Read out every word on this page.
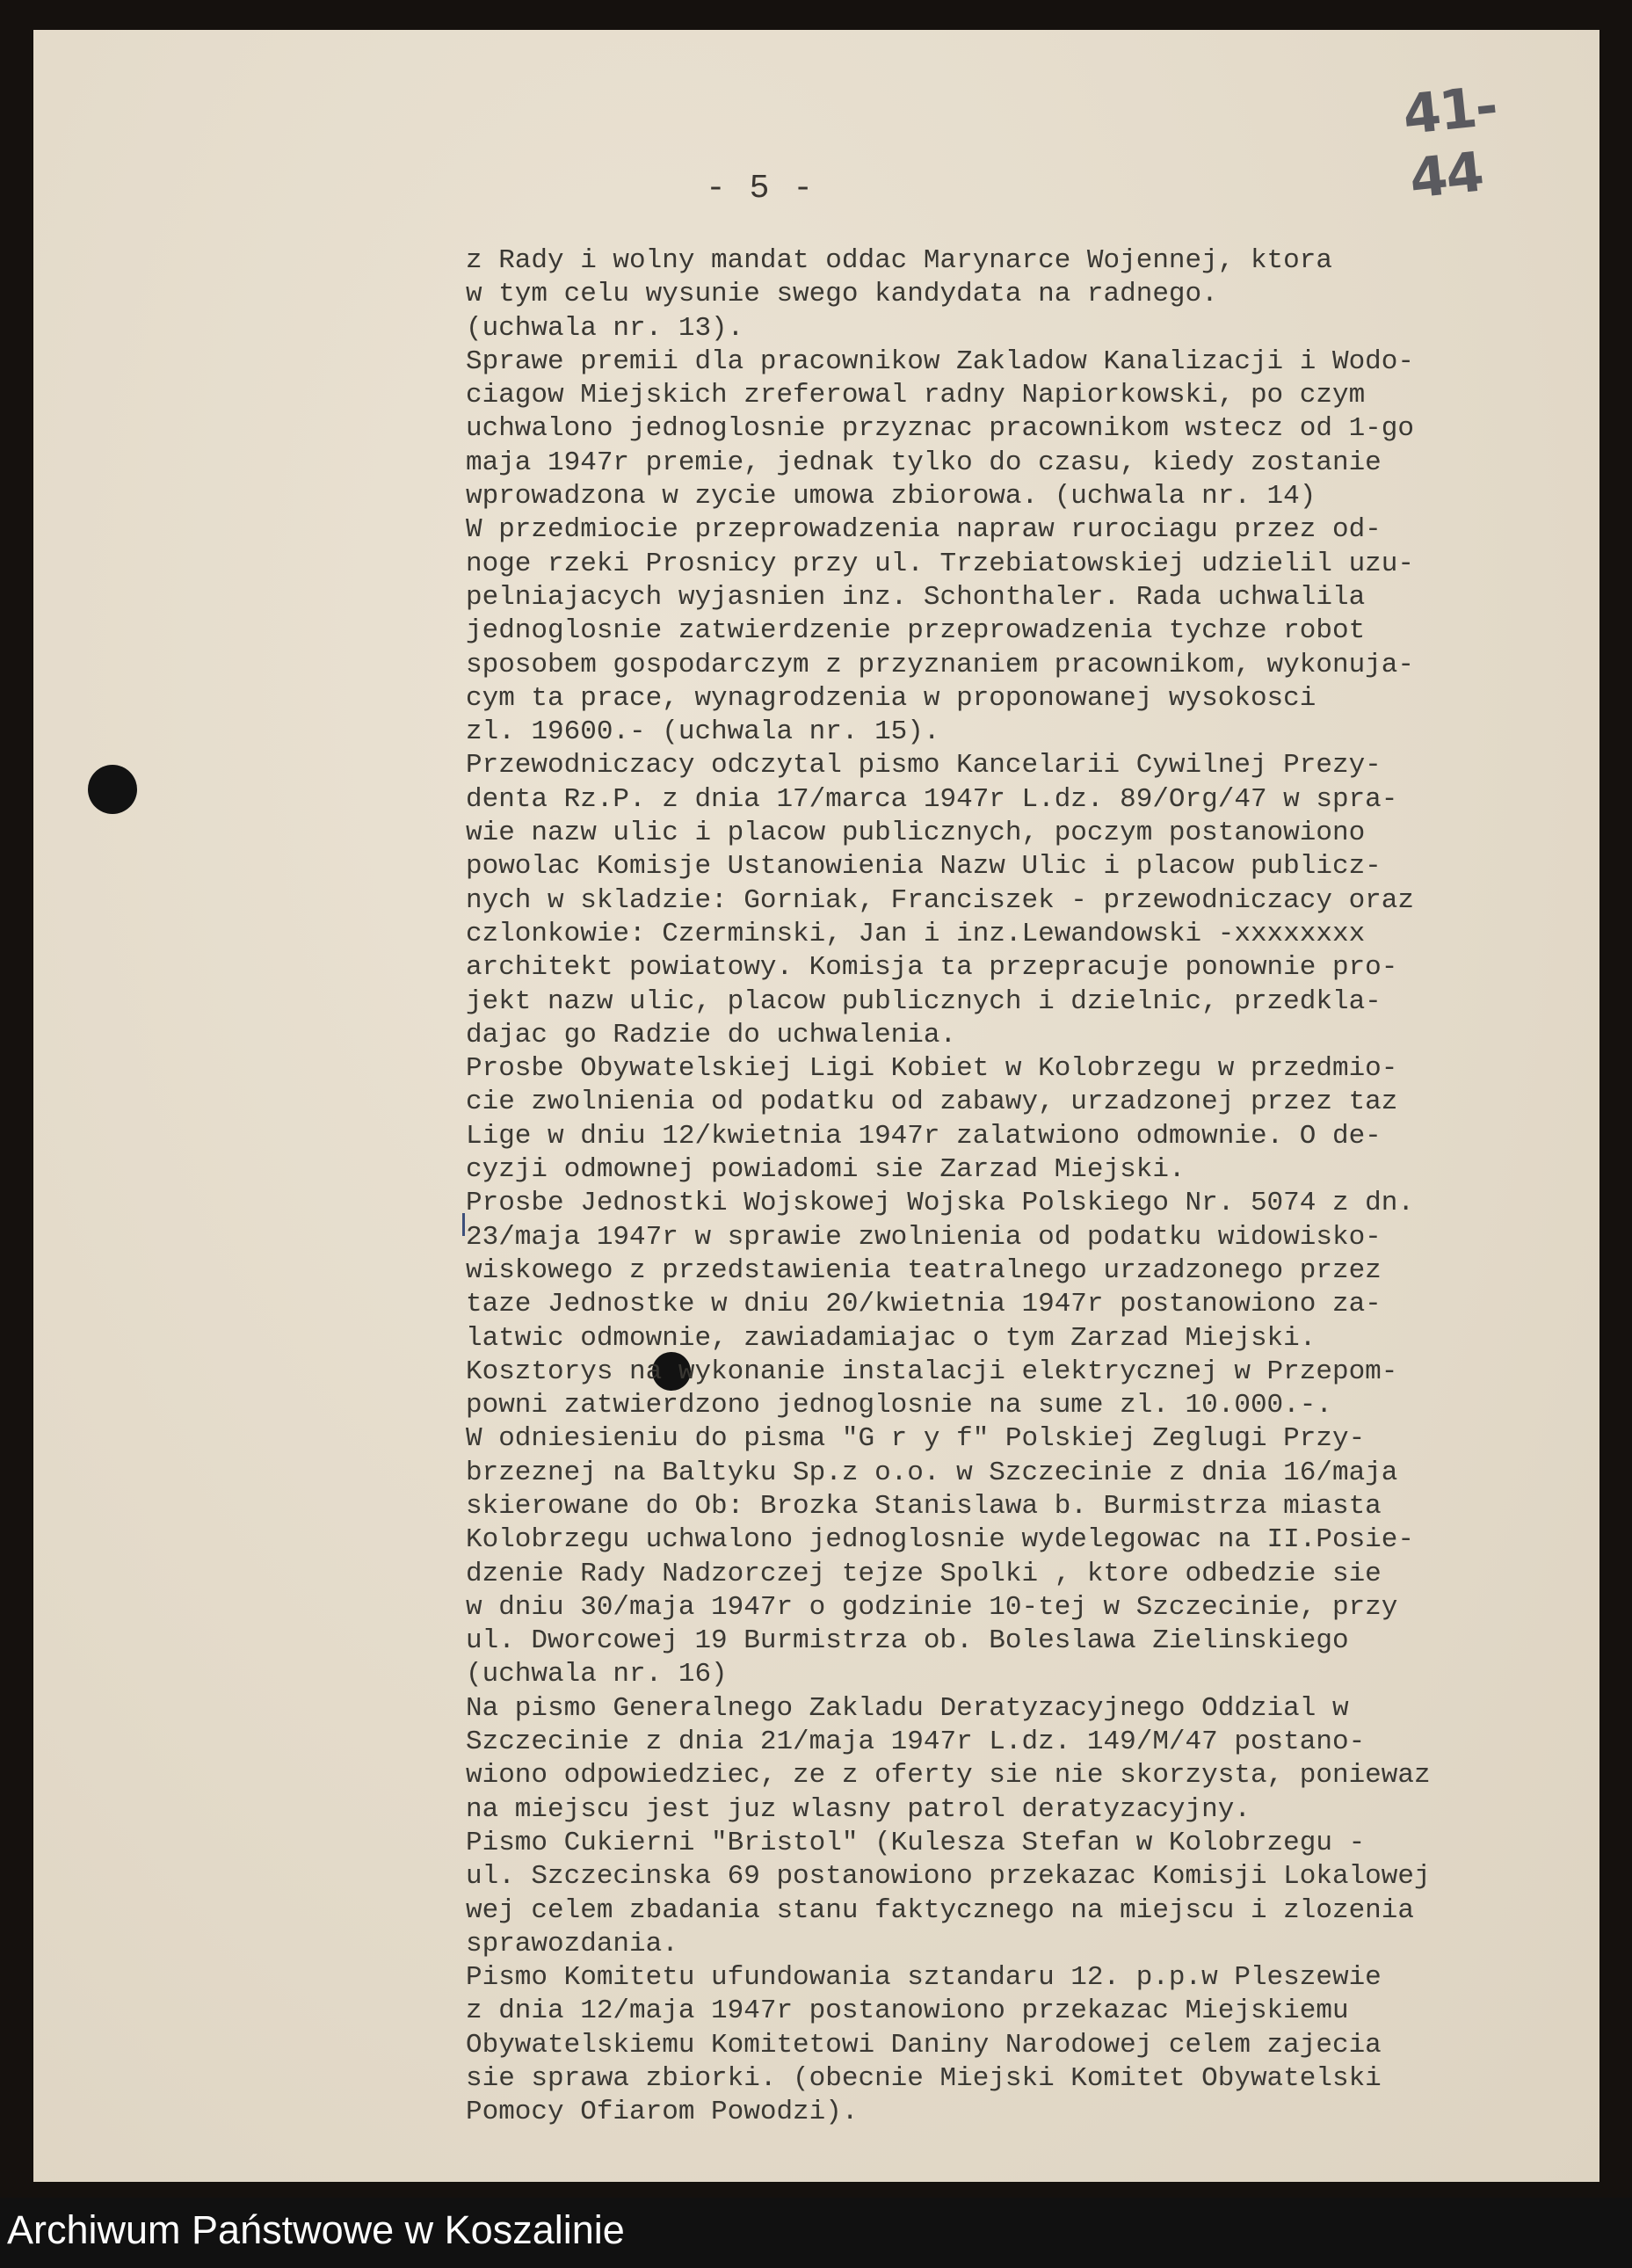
- 5 -
41-44
z Rady i wolny mandat oddac Marynarce Wojennej, ktora
w tym celu wysunie swego kandydata na radnego.
(uchwala nr. 13).
Sprawe premii dla pracownikow Zakladow Kanalizacji i Wodo-
ciagow Miejskich zreferowal radny Napiorkowski, po czym
uchwalono jednoglosnie przyznac pracownikom wstecz od 1-go
maja 1947r premie, jednak tylko do czasu, kiedy zostanie
wprowadzona w zycie umowa zbiorowa. (uchwala nr. 14)
W przedmiocie przeprowadzenia napraw rurociagu przez od-
noge rzeki Prosnicy przy ul. Trzebiatowskiej udzielil uzu-
pelniajacych wyjasnien inz. Schonthaler. Rada uchwalila
jednoglosnie zatwierdzenie przeprowadzenia tychze robot
sposobem gospodarczym z przyznaniem pracownikom, wykonuja-
cym ta prace, wynagrodzenia w proponowanej wysokosci
zl. 19600.- (uchwala nr. 15).
Przewodniczacy odczytal pismo Kancelarii Cywilnej Prezy-
denta Rz.P. z dnia 17/marca 1947r L.dz. 89/Org/47 w spra-
wie nazw ulic i placow publicznych, poczym postanowiono
powolac Komisje Ustanowienia Nazw Ulic i placow publicz-
nych w skladzie: Gorniak, Franciszek - przewodniczacy oraz
czlonkowie: Czerminski, Jan i inz.Lewandowski -xxxxxxxx
architekt powiatowy. Komisja ta przepracuje ponownie pro-
jekt nazw ulic, placow publicznych i dzielnic, przedkla-
dajac go Radzie do uchwalenia.
Prosbe Obywatelskiej Ligi Kobiet w Kolobrzegu w przedmio-
cie zwolnienia od podatku od zabawy, urzadzonej przez taz
Lige w dniu 12/kwietnia 1947r zalatwiono odmownie. O de-
cyzji odmownej powiadomi sie Zarzad Miejski.
Prosbe Jednostki Wojskowej Wojska Polskiego Nr. 5074 z dn.
23/maja 1947r w sprawie zwolnienia od podatku widowisko-
wiskowego z przedstawienia teatralnego urzadzonego przez
taze Jednostke w dniu 20/kwietnia 1947r postanowiono za-
latwic odmownie, zawiadamiajac o tym Zarzad Miejski.
Kosztorys na wykonanie instalacji elektrycznej w Przepom-
powni zatwierdzono jednoglosnie na sume zl. 10.000.-.
W odniesieniu do pisma "G r y f" Polskiej Zeglugi Przy-
brzeznej na Baltyku Sp.z o.o. w Szczecinie z dnia 16/maja
skierowane do Ob: Brozka Stanislawa b. Burmistrza miasta
Kolobrzegu uchwalono jednoglosnie wydelegowac na II.Posie-
dzenie Rady Nadzorczej tejze Spolki , ktore odbedzie sie
w dniu 30/maja 1947r o godzinie 10-tej w Szczecinie, przy
ul. Dworcowej 19 Burmistrza ob. Boleslawa Zielinskiego
(uchwala nr. 16)
Na pismo Generalnego Zakladu Deratyzacyjnego Oddzial w
Szczecinie z dnia 21/maja 1947r L.dz. 149/M/47 postano-
wiono odpowiedziec, ze z oferty sie nie skorzysta, poniewaz
na miejscu jest juz wlasny patrol deratyzacyjny.
Pismo Cukierni "Bristol" (Kulesza Stefan w Kolobrzegu -
ul. Szczecinska 69 postanowiono przekazac Komisji Lokalowej
wej celem zbadania stanu faktycznego na miejscu i zlozenia
sprawozdania.
Pismo Komitetu ufundowania sztandaru 12. p.p.w Pleszewie
z dnia 12/maja 1947r postanowiono przekazac Miejskiemu
Obywatelskiemu Komitetowi Daniny Narodowej celem zajecia
sie sprawa zbiorki. (obecnie Miejski Komitet Obywatelski
Pomocy Ofiarom Powodzi).
Archiwum Państwowe w Koszalinie
